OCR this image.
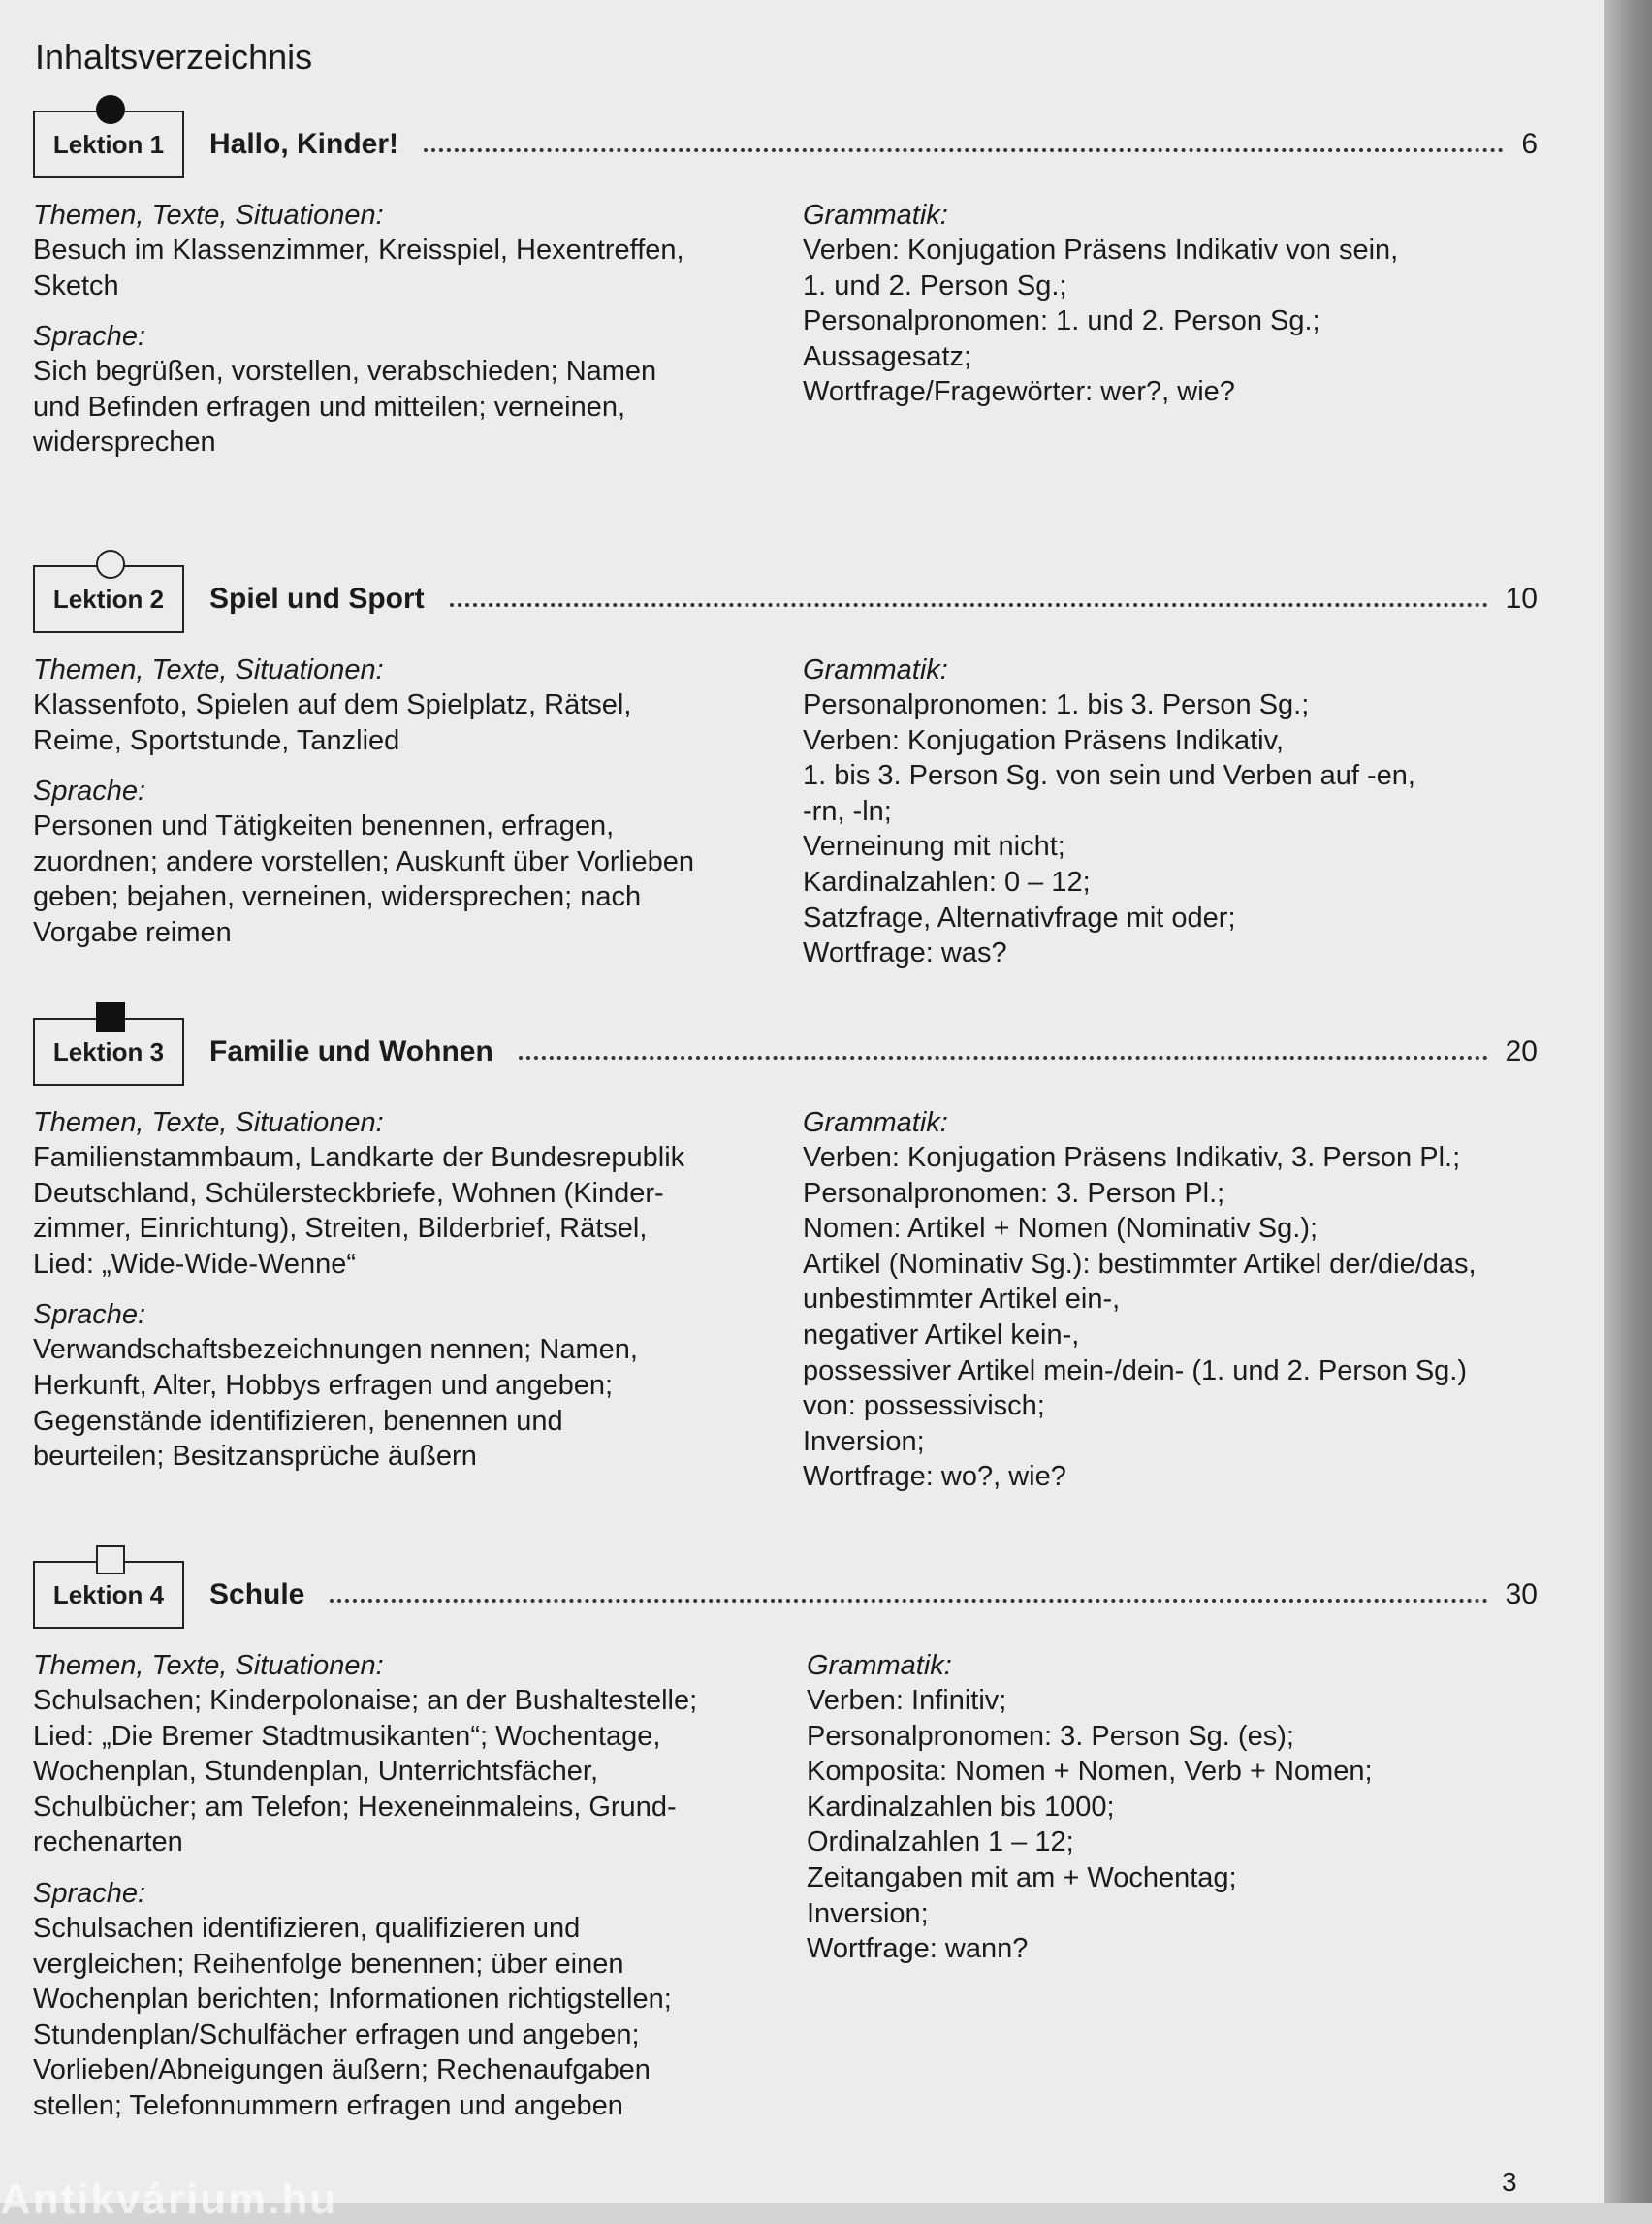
Inhaltsverzeichnis
Lektion 1 Hallo, Kinder!	6
Themen, Texte, Situationen:
Besuch im Klassenzimmer, Kreisspiel, Hexentreffen,
Sketch
Sprache:
Sich begrüßen, vorstellen, verabschieden; Namen
und Befinden erfragen und mitteilen; verneinen,
widersprechen
Grammatik:
Verben: Konjugation Präsens Indikativ von sein,
1. und 2. Person Sg.;
Personalpronomen: 1. und 2. Person Sg.;
Aussagesatz;
Wortfrage/Fragewörter: wer?, wie?
Lektion 2 Spiel und Sport	10
Themen, Texte, Situationen:
Klassenfoto, Spielen auf dem Spielplatz, Rätsel,
Reime, Sportstunde, Tanzlied
Sprache:
Personen und Tätigkeiten benennen, erfragen,
zuordnen; andere vorstellen; Auskunft über Vorlieben
geben; bejahen, verneinen, widersprechen; nach
Vorgabe reimen
Grammatik:
Personalpronomen: 1. bis 3. Person Sg.;
Verben: Konjugation Präsens Indikativ,
1. bis 3. Person Sg. von sein und Verben auf -en,
-rn, -ln;
Verneinung mit nicht;
Kardinalzahlen: 0 – 12;
Satzfrage, Alternativfrage mit oder;
Wortfrage: was?
Lektion 3 Familie und Wohnen	20
Themen, Texte, Situationen:
Familienstammbaum, Landkarte der Bundesrepublik
Deutschland, Schülersteckbriefe, Wohnen (Kinder-
zimmer, Einrichtung), Streiten, Bilderbrief, Rätsel,
Lied: „Wide-Wide-Wenne“
Sprache:
Verwandschaftsbezeichnungen nennen; Namen,
Herkunft, Alter, Hobbys erfragen und angeben;
Gegenstände identifizieren, benennen und
beurteilen; Besitzansprüche äußern
Grammatik:
Verben: Konjugation Präsens Indikativ, 3. Person Pl.;
Personalpronomen: 3. Person Pl.;
Nomen: Artikel + Nomen (Nominativ Sg.);
Artikel (Nominativ Sg.): bestimmter Artikel der/die/das,
unbestimmter Artikel ein-,
negativer Artikel kein-,
possessiver Artikel mein-/dein- (1. und 2. Person Sg.)
von: possessivisch;
Inversion;
Wortfrage: wo?, wie?
Lektion 4 Schule	30
Themen, Texte, Situationen:
Schulsachen; Kinderpolonaise; an der Bushaltestelle;
Lied: „Die Bremer Stadtmusikanten“; Wochentage,
Wochenplan, Stundenplan, Unterrichtsfächer,
Schulbücher; am Telefon; Hexeneinmaleins, Grund-
rechenarten
Sprache:
Schulsachen identifizieren, qualifizieren und
vergleichen; Reihenfolge benennen; über einen
Wochenplan berichten; Informationen richtigstellen;
Stundenplan/Schulfächer erfragen und angeben;
Vorlieben/Abneigungen äußern; Rechenaufgaben
stellen; Telefonnummern erfragen und angeben
Grammatik:
Verben: Infinitiv;
Personalpronomen: 3. Person Sg. (es);
Komposita: Nomen + Nomen, Verb + Nomen;
Kardinalzahlen bis 1000;
Ordinalzahlen 1 – 12;
Zeitangaben mit am + Wochentag;
Inversion;
Wortfrage: wann?
3
Antikvárium.hu
